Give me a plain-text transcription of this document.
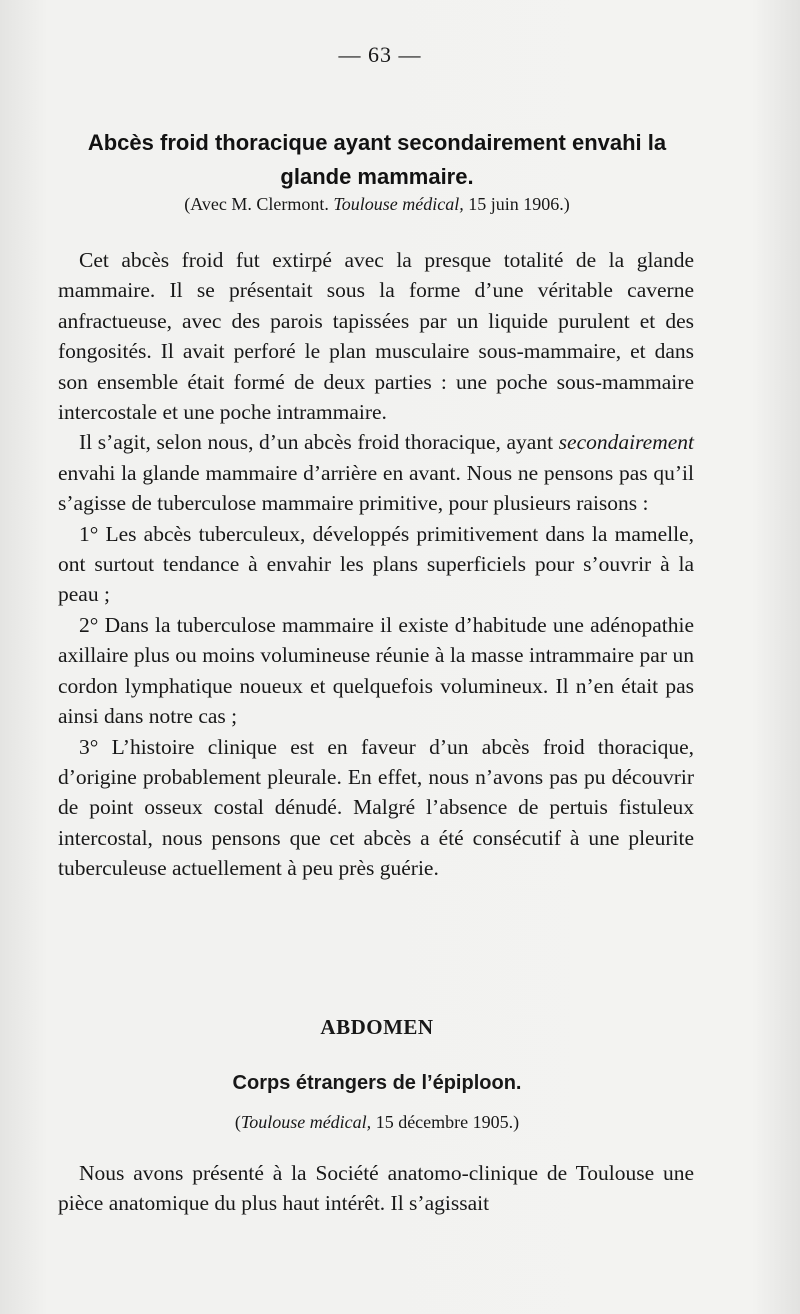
— 63 —
Abcès froid thoracique ayant secondairement envahi la glande mammaire.
(Avec M. Clermont. Toulouse médical, 15 juin 1906.)

Cet abcès froid fut extirpé avec la presque totalité de la glande mammaire. Il se présentait sous la forme d’une véritable caverne anfractueuse, avec des parois tapissées par un liquide purulent et des fongosités. Il avait perforé le plan musculaire sous-mammaire, et dans son ensemble était formé de deux parties : une poche sous-mammaire intercostale et une poche intrammaire.

Il s’agit, selon nous, d’un abcès froid thoracique, ayant secondairement envahi la glande mammaire d’arrière en avant. Nous ne pensons pas qu’il s’agisse de tuberculose mammaire primitive, pour plusieurs raisons :

1° Les abcès tuberculeux, développés primitivement dans la mamelle, ont surtout tendance à envahir les plans superficiels pour s’ouvrir à la peau ;

2° Dans la tuberculose mammaire il existe d’habitude une adénopathie axillaire plus ou moins volumineuse réunie à la masse intrammaire par un cordon lymphatique noueux et quelquefois volumineux. Il n’en était pas ainsi dans notre cas ;

3° L’histoire clinique est en faveur d’un abcès froid thoracique, d’origine probablement pleurale. En effet, nous n’avons pas pu découvrir de point osseux costal dénudé. Malgré l’absence de pertuis fistuleux intercostal, nous pensons que cet abcès a été consécutif à une pleurite tuberculeuse actuellement à peu près guérie.

ABDOMEN
Corps étrangers de l’épiploon.
(Toulouse médical, 15 décembre 1905.)

Nous avons présenté à la Société anatomo-clinique de Toulouse une pièce anatomique du plus haut intérêt. Il s’agissait
